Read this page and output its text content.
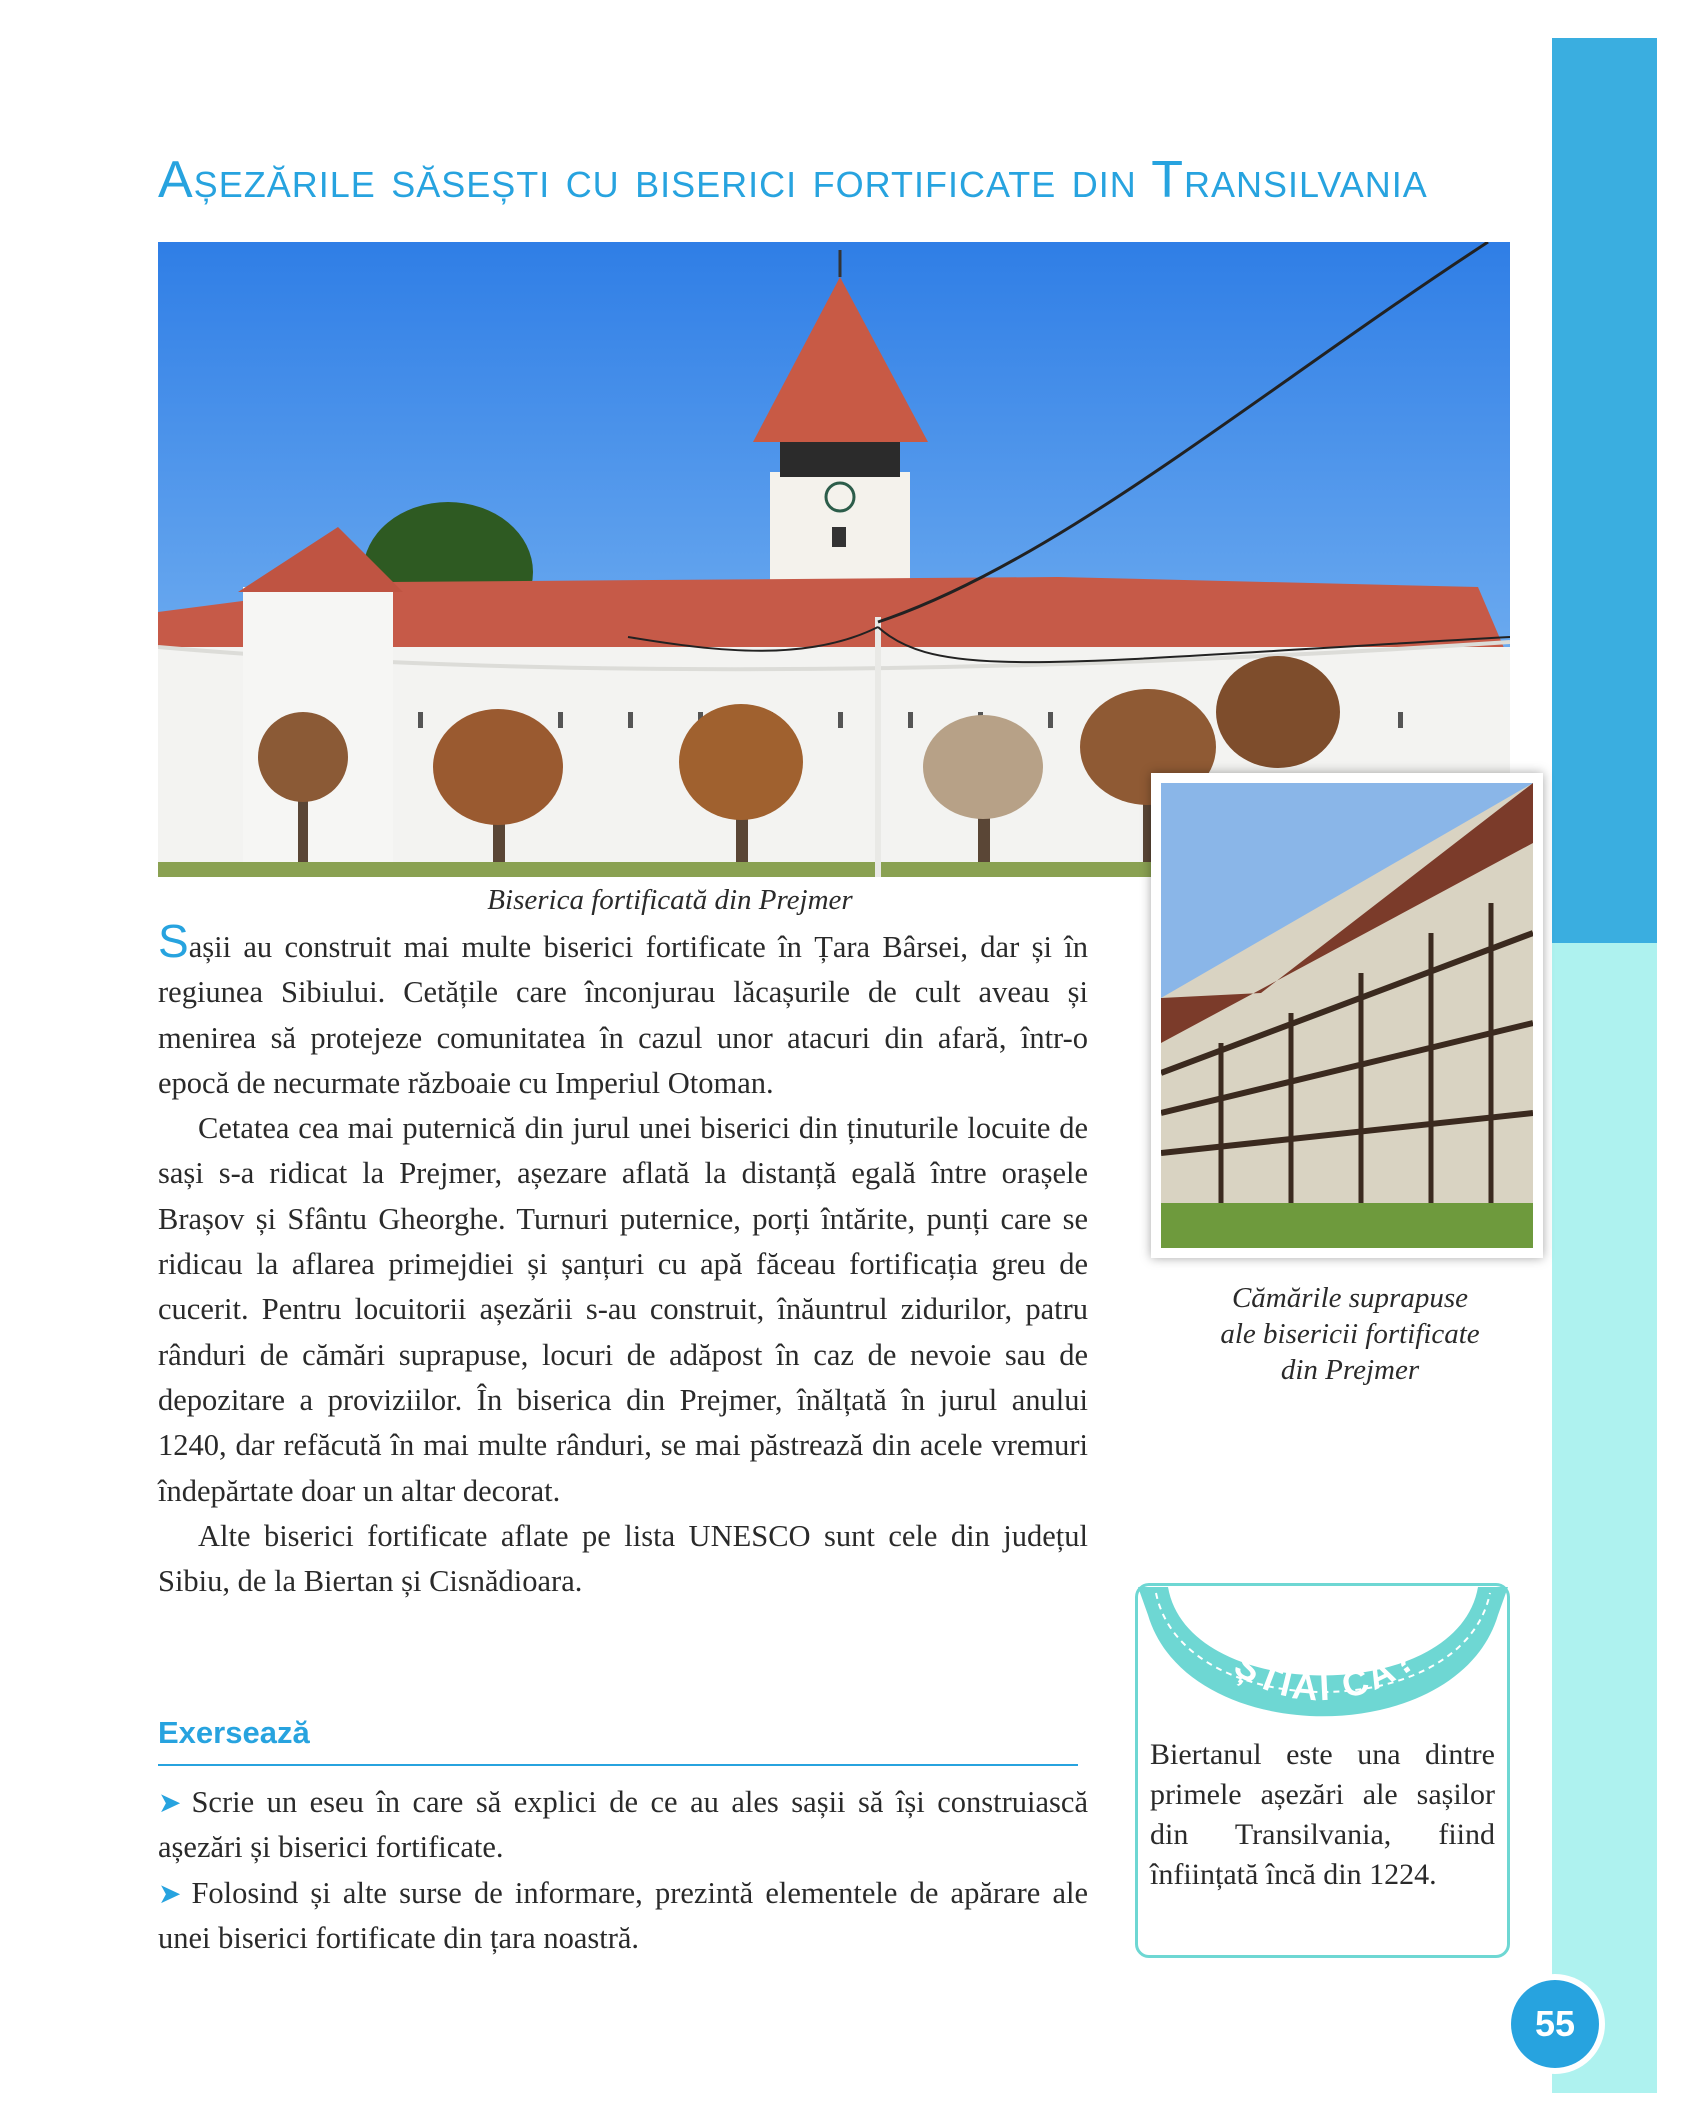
Așezările săsești cu biserici fortificate din Transilvania
Biserica fortificată din Prejmer
Cămările suprapuse
ale bisericii fortificate
din Prejmer

Sașii au construit mai multe biserici fortificate în Țara Bârsei, dar și în regiunea Sibiului. Cetățile care înconjurau lăcașurile de cult aveau și menirea să protejeze comunitatea în cazul unor atacuri din afară, într-o epocă de necurmate războaie cu Imperiul Otoman.

Cetatea cea mai puternică din jurul unei biserici din ținuturile locuite de sași s-a ridicat la Prejmer, așezare aflată la distanță egală între orașele Brașov și Sfântu Gheorghe. Turnuri puternice, porți întărite, punți care se ridicau la aflarea primejdiei și șanțuri cu apă făceau fortificația greu de cucerit. Pentru locuitorii așezării s-au construit, înăuntrul zidurilor, patru rânduri de cămări suprapuse, locuri de adăpost în caz de nevoie sau de depozitare a proviziilor. În biserica din Prejmer, înălțată în jurul anului 1240, dar refăcută în mai multe rânduri, se mai păstrează din acele vremuri îndepărtate doar un altar decorat.

Alte biserici fortificate aflate pe lista UNESCO sunt cele din județul Sibiu, de la Biertan și Cisnădioara.

Exersează

➤ Scrie un eseu în care să explici de ce au ales sașii să își construiască așezări și biserici fortificate.

➤ Folosind și alte surse de informare, prezintă elementele de apărare ale unei biserici fortificate din țara noastră.

ȘTIAI CĂ?
Biertanul este una dintre primele așezări ale sașilor din Transilvania, fiind înființată încă din 1224.
55
